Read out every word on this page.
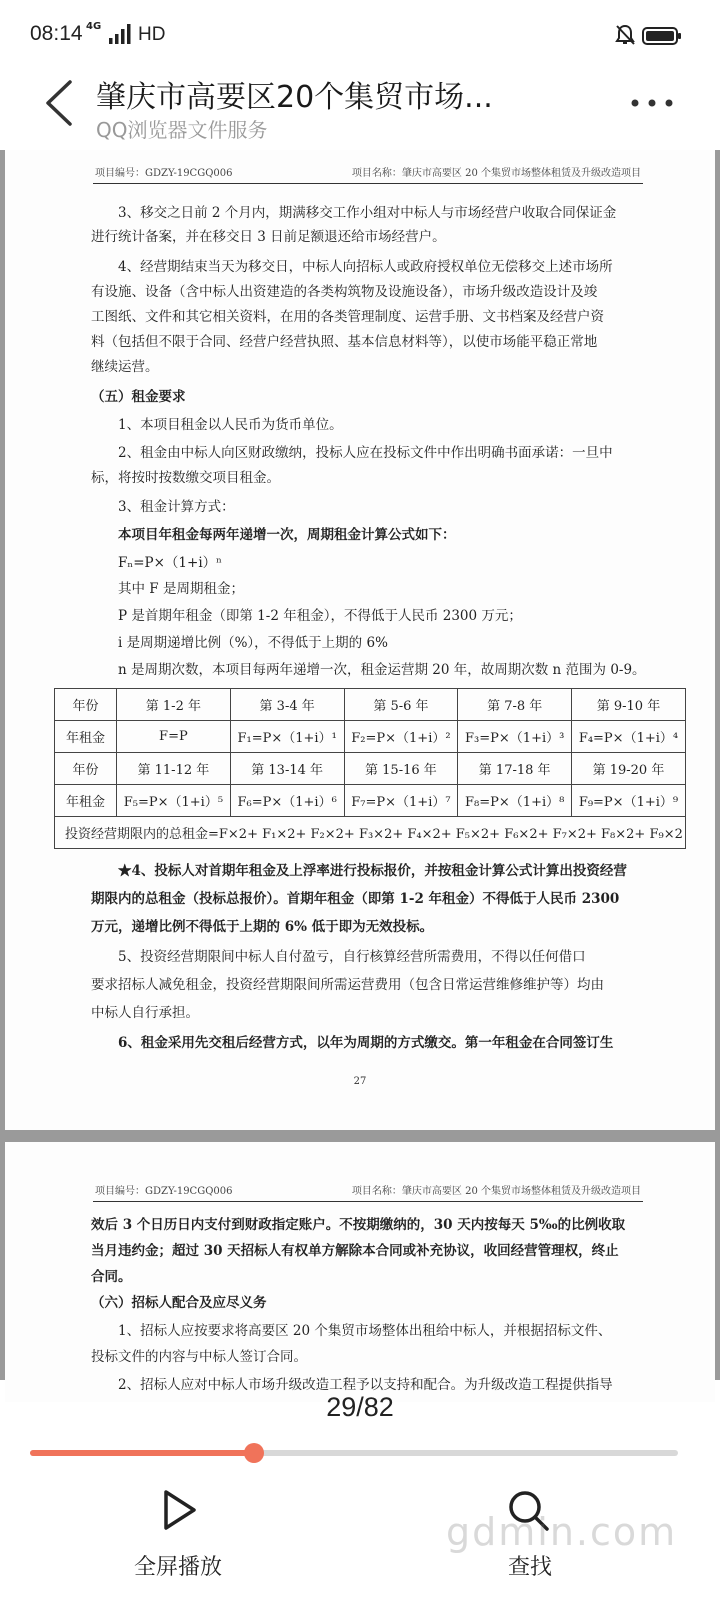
08:14 4G HD
肇庆市高要区20个集贸市场...
QQ浏览器文件服务
项目编号：GDZY-19CGQ006	项目名称：肇庆市高要区 20 个集贸市场整体租赁及升级改造项目
3、移交之日前 2 个月内，期满移交工作小组对中标人与市场经营户收取合同保证金
进行统计备案，并在移交日 3 日前足额退还给市场经营户。
4、经营期结束当天为移交日，中标人向招标人或政府授权单位无偿移交上述市场所
有设施、设备（含中标人出资建造的各类构筑物及设施设备），市场升级改造设计及竣
工图纸、文件和其它相关资料，在用的各类管理制度、运营手册、文书档案及经营户资
料（包括但不限于合同、经营户经营执照、基本信息材料等），以使市场能平稳正常地
继续运营。
（五）租金要求
1、本项目租金以人民币为货币单位。
2、租金由中标人向区财政缴纳，投标人应在投标文件中作出明确书面承诺：一旦中
标，将按时按数缴交项目租金。
3、租金计算方式：
本项目年租金每两年递增一次，周期租金计算公式如下：
Fₙ=P×（1+i）ⁿ
其中 F 是周期租金；
P 是首期年租金（即第 1-2 年租金），不得低于人民币 2300 万元；
i 是周期递增比例（%），不得低于上期的 6%
n 是周期次数，本项目每两年递增一次，租金运营期 20 年，故周期次数 n 范围为 0-9。
年份	第 1-2 年	第 3-4 年	第 5-6 年	第 7-8 年	第 9-10 年
年租金	F=P	F₁=P×（1+i）¹	F₂=P×（1+i）²	F₃=P×（1+i）³	F₄=P×（1+i）⁴
年份	第 11-12 年	第 13-14 年	第 15-16 年	第 17-18 年	第 19-20 年
年租金	F₅=P×（1+i）⁵	F₆=P×（1+i）⁶	F₇=P×（1+i）⁷	F₈=P×（1+i）⁸	F₉=P×（1+i）⁹
投资经营期限内的总租金=F×2+ F₁×2+ F₂×2+ F₃×2+ F₄×2+ F₅×2+ F₆×2+ F₇×2+ F₈×2+ F₉×2					
★4、投标人对首期年租金及上浮率进行投标报价，并按租金计算公式计算出投资经营
期限内的总租金（投标总报价）。首期年租金（即第 1-2 年租金）不得低于人民币 2300
万元，递增比例不得低于上期的 6% 低于即为无效投标。
5、投资经营期限间中标人自付盈亏，自行核算经营所需费用，不得以任何借口
要求招标人减免租金，投资经营期限间所需运营费用（包含日常运营维修维护等）均由
中标人自行承担。
6、租金采用先交租后经营方式，以年为周期的方式缴交。第一年租金在合同签订生
27
项目编号：GDZY-19CGQ006	项目名称：肇庆市高要区 20 个集贸市场整体租赁及升级改造项目
效后 3 个日历日内支付到财政指定账户。不按期缴纳的，30 天内按每天 5‰的比例收取
当月违约金；超过 30 天招标人有权单方解除本合同或补充协议，收回经营管理权，终止
合同。
（六）招标人配合及应尽义务
1、招标人应按要求将高要区 20 个集贸市场整体出租给中标人，并根据招标文件、
投标文件的内容与中标人签订合同。
2、招标人应对中标人市场升级改造工程予以支持和配合。为升级改造工程提供指导
29/82
全屏播放	查找
gdmin.com
